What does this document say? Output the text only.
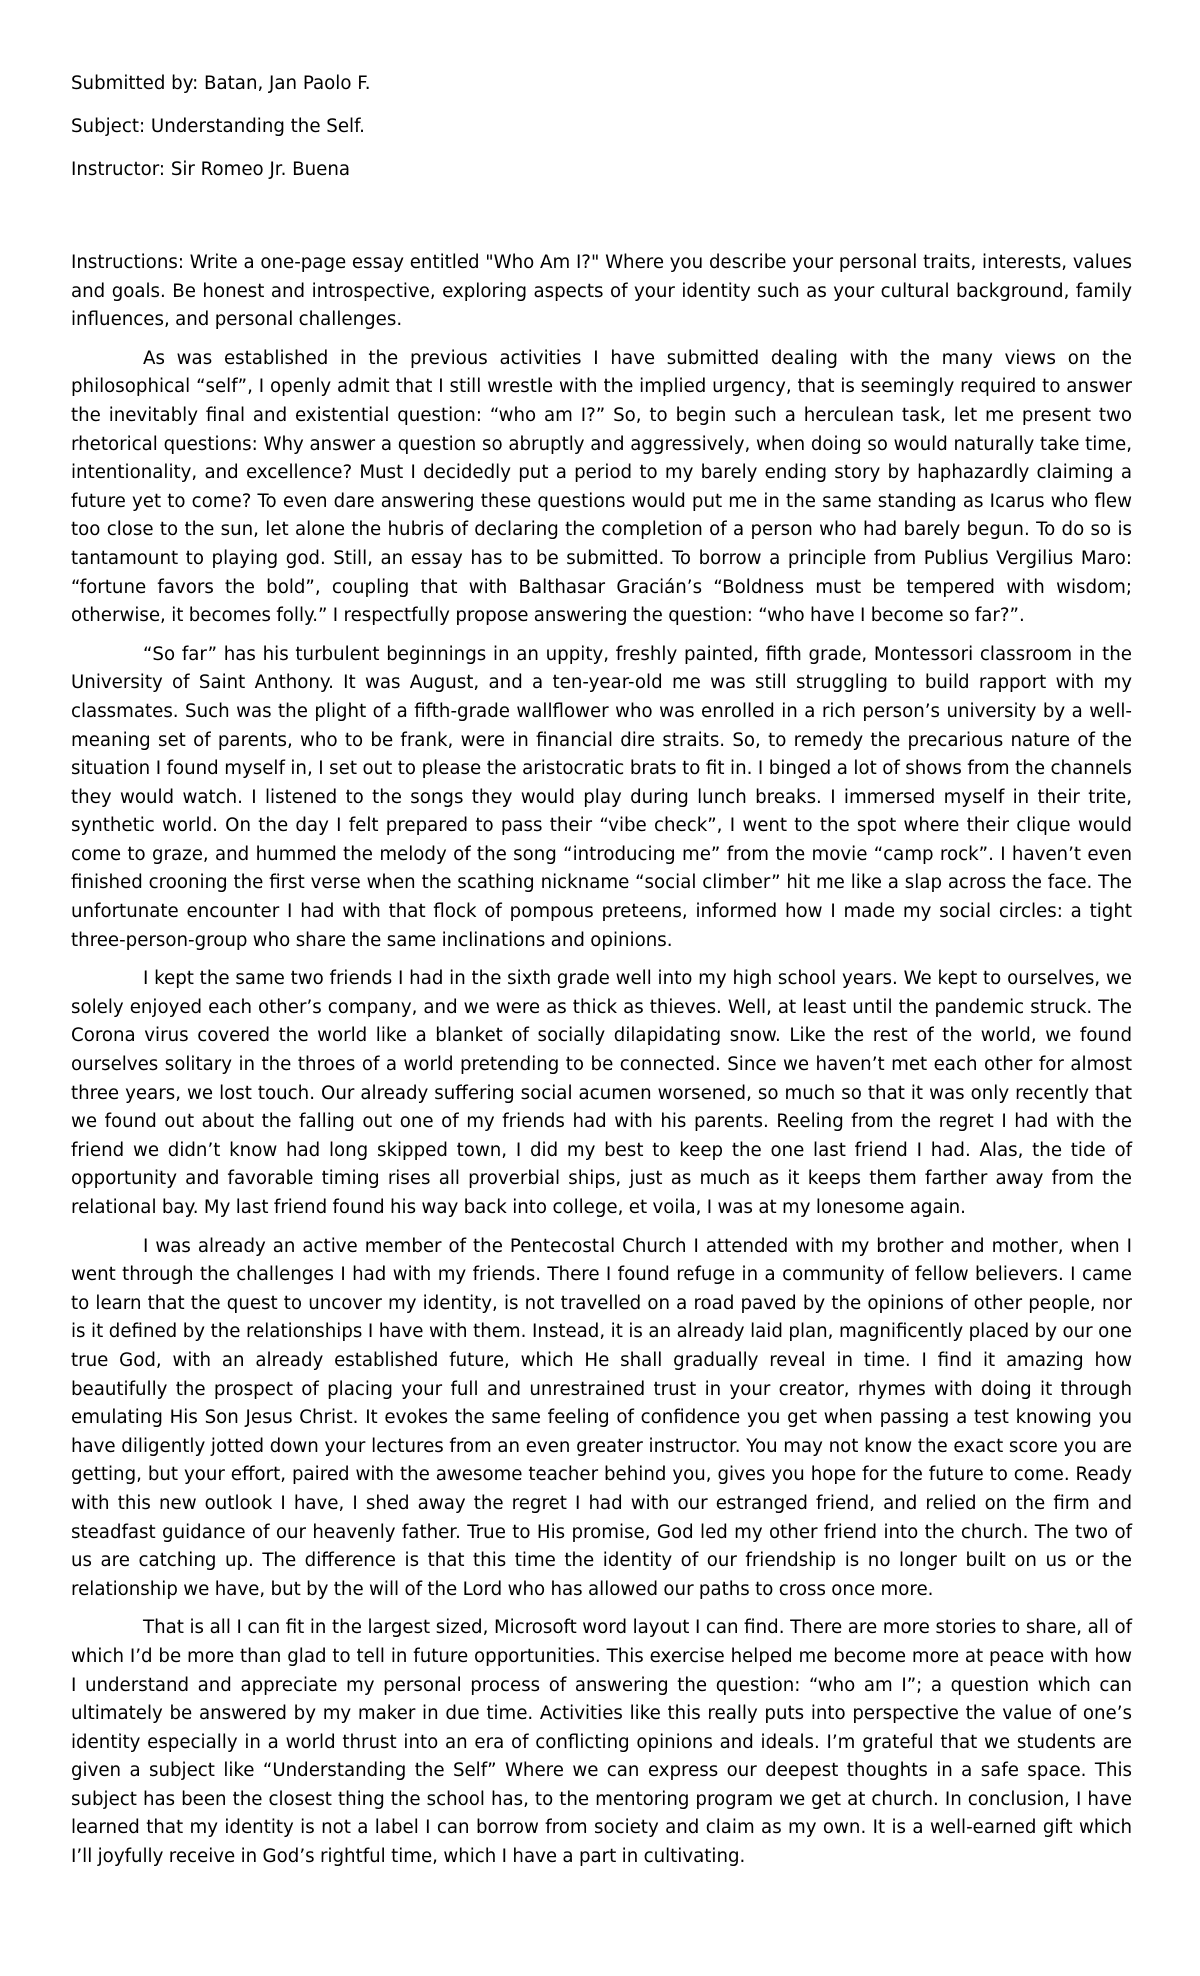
Submitted by: Batan, Jan Paolo F.

Subject: Understanding the Self.

Instructor: Sir Romeo Jr. Buena

Instructions: Write a one-page essay entitled "Who Am I?" Where you describe your personal traits, interests, values and goals. Be honest and introspective, exploring aspects of your identity such as your cultural background, family influences, and personal challenges.

As was established in the previous activities I have submitted dealing with the many views on the philosophical “self”, I openly admit that I still wrestle with the implied urgency, that is seemingly required to answer the inevitably final and existential question: “who am I?” So, to begin such a herculean task, let me present two rhetorical questions: Why answer a question so abruptly and aggressively, when doing so would naturally take time, intentionality, and excellence? Must I decidedly put a period to my barely ending story by haphazardly claiming a future yet to come? To even dare answering these questions would put me in the same standing as Icarus who flew too close to the sun, let alone the hubris of declaring the completion of a person who had barely begun. To do so is tantamount to playing god. Still, an essay has to be submitted. To borrow a principle from Publius Vergilius Maro: “fortune favors the bold”, coupling that with Balthasar Gracián’s “Boldness must be tempered with wisdom; otherwise, it becomes folly.” I respectfully propose answering the question: “who have I become so far?”.

“So far” has his turbulent beginnings in an uppity, freshly painted, fifth grade, Montessori classroom in the University of Saint Anthony. It was August, and a ten-year-old me was still struggling to build rapport with my classmates. Such was the plight of a fifth-grade wallflower who was enrolled in a rich person’s university by a well-meaning set of parents, who to be frank, were in financial dire straits. So, to remedy the precarious nature of the situation I found myself in, I set out to please the aristocratic brats to fit in. I binged a lot of shows from the channels they would watch. I listened to the songs they would play during lunch breaks. I immersed myself in their trite, synthetic world. On the day I felt prepared to pass their “vibe check”, I went to the spot where their clique would come to graze, and hummed the melody of the song “introducing me” from the movie “camp rock”. I haven’t even finished crooning the first verse when the scathing nickname “social climber” hit me like a slap across the face. The unfortunate encounter I had with that flock of pompous preteens, informed how I made my social circles: a tight three-person-group who share the same inclinations and opinions.

I kept the same two friends I had in the sixth grade well into my high school years. We kept to ourselves, we solely enjoyed each other’s company, and we were as thick as thieves. Well, at least until the pandemic struck. The Corona virus covered the world like a blanket of socially dilapidating snow. Like the rest of the world, we found ourselves solitary in the throes of a world pretending to be connected. Since we haven’t met each other for almost three years, we lost touch. Our already suffering social acumen worsened, so much so that it was only recently that we found out about the falling out one of my friends had with his parents. Reeling from the regret I had with the friend we didn’t know had long skipped town, I did my best to keep the one last friend I had. Alas, the tide of opportunity and favorable timing rises all proverbial ships, just as much as it keeps them farther away from the relational bay. My last friend found his way back into college, et voila, I was at my lonesome again.

I was already an active member of the Pentecostal Church I attended with my brother and mother, when I went through the challenges I had with my friends. There I found refuge in a community of fellow believers. I came to learn that the quest to uncover my identity, is not travelled on a road paved by the opinions of other people, nor is it defined by the relationships I have with them. Instead, it is an already laid plan, magnificently placed by our one true God, with an already established future, which He shall gradually reveal in time. I find it amazing how beautifully the prospect of placing your full and unrestrained trust in your creator, rhymes with doing it through emulating His Son Jesus Christ. It evokes the same feeling of confidence you get when passing a test knowing you have diligently jotted down your lectures from an even greater instructor. You may not know the exact score you are getting, but your effort, paired with the awesome teacher behind you, gives you hope for the future to come. Ready with this new outlook I have, I shed away the regret I had with our estranged friend, and relied on the firm and steadfast guidance of our heavenly father. True to His promise, God led my other friend into the church. The two of us are catching up. The difference is that this time the identity of our friendship is no longer built on us or the relationship we have, but by the will of the Lord who has allowed our paths to cross once more.

That is all I can fit in the largest sized, Microsoft word layout I can find. There are more stories to share, all of which I’d be more than glad to tell in future opportunities. This exercise helped me become more at peace with how I understand and appreciate my personal process of answering the question: “who am I”; a question which can ultimately be answered by my maker in due time. Activities like this really puts into perspective the value of one’s identity especially in a world thrust into an era of conflicting opinions and ideals. I’m grateful that we students are given a subject like “Understanding the Self” Where we can express our deepest thoughts in a safe space. This subject has been the closest thing the school has, to the mentoring program we get at church. In conclusion, I have learned that my identity is not a label I can borrow from society and claim as my own. It is a well-earned gift which I’ll joyfully receive in God’s rightful time, which I have a part in cultivating.
